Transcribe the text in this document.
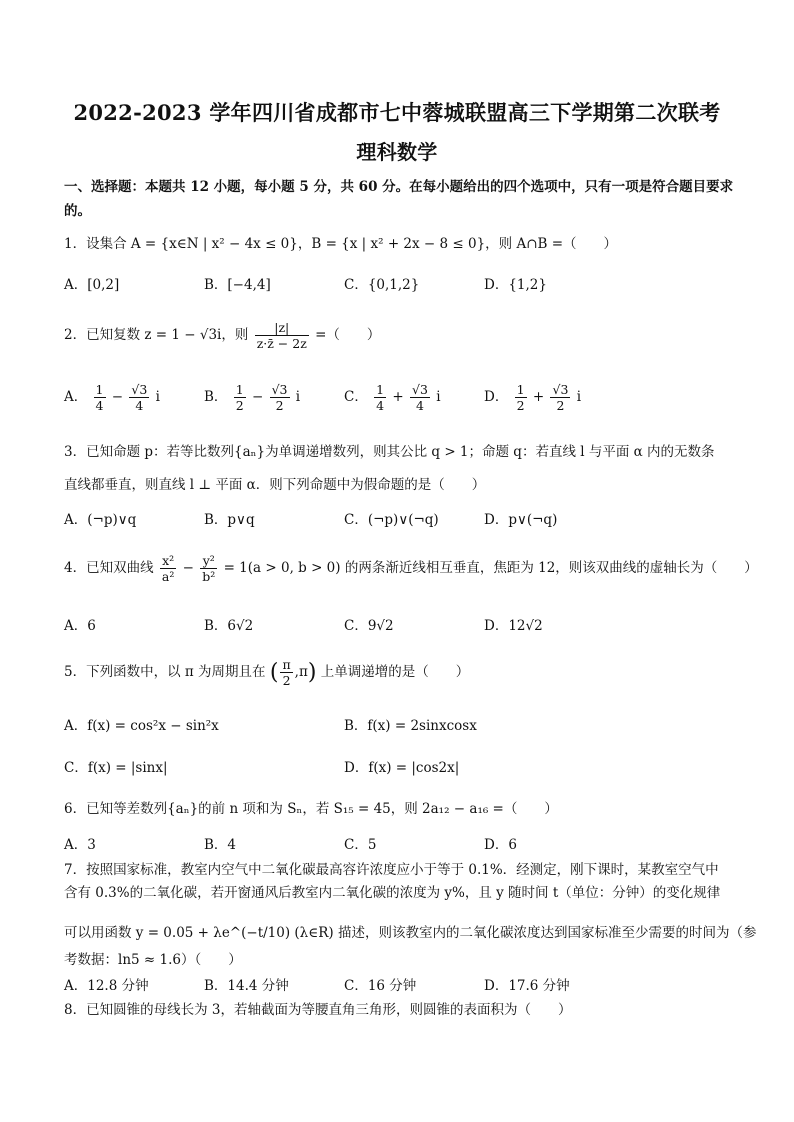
2022-2023 学年四川省成都市七中蓉城联盟高三下学期第二次联考
理科数学
一、选择题：本题共 12 小题，每小题 5 分，共 60 分。在每小题给出的四个选项中，只有一项是符合题目要求的。
1．设集合 A = {x∈N | x² − 4x ≤ 0}，B = {x | x² + 2x − 8 ≤ 0}，则 A∩B =（　　）
A．[0,2]	B．[−4,4]	C．{0,1,2}	D．{1,2}
2．已知复数 z = 1 − √3i，则 $\frac{|z|}{z\cdot z̄ - 2z}$ =（　　）
A． $\frac{1}{4} - \frac{√3}{4}$ i	B． $\frac{1}{2} - \frac{√3}{2}$ i	C． $\frac{1}{4} + \frac{√3}{4}$ i	D． $\frac{1}{2} + \frac{√3}{2}$ i
3．已知命题 p：若等比数列{aₙ}为单调递增数列，则其公比 q > 1；命题 q：若直线 l 与平面 α 内的无数条
直线都垂直，则直线 l ⊥ 平面 α．则下列命题中为假命题的是（　　）
A．(¬p)∨q	B．p∨q	C．(¬p)∨(¬q)	D．p∨(¬q)
4．已知双曲线 $\frac{\text{x²}}{\text{a²}} - \frac{\text{y²}}{\text{b²}} = 1(a > 0$, b > 0) 的两条渐近线相互垂直，焦距为 12，则该双曲线的虚轴长为（　　）
A．6	B．6√2	C．9√2	D．12√2
5．下列函数中，以 π 为周期且在 ( $\frac{\pi}{2} ,\pi$) 上单调递增的是（　　）
A．f(x) = cos²x − sin²x	B．f(x) = 2sinxcosx
C．f(x) = |sinx|	D．f(x) = |cos2x|
6．已知等差数列{aₙ}的前 n 项和为 Sₙ，若 S₁₅ = 45，则 2a₁₂ − a₁₆ =（　　）
A．3	B．4	C．5	D．6
7．按照国家标准，教室内空气中二氧化碳最高容许浓度应小于等于 0.1%．经测定，刚下课时，某教室空气中
含有 0.3%的二氧化碳，若开窗通风后教室内二氧化碳的浓度为 y%，且 y 随时间 t（单位：分钟）的变化规律
可以用函数 y = 0.05 + λe^(−t/10) (λ∈R) 描述，则该教室内的二氧化碳浓度达到国家标准至少需要的时间为（参
考数据：ln5 ≈ 1.6）（　　）
A．12.8 分钟	B．14.4 分钟	C．16 分钟	D．17.6 分钟
8．已知圆锥的母线长为 3，若轴截面为等腰直角三角形，则圆锥的表面积为（　　）
